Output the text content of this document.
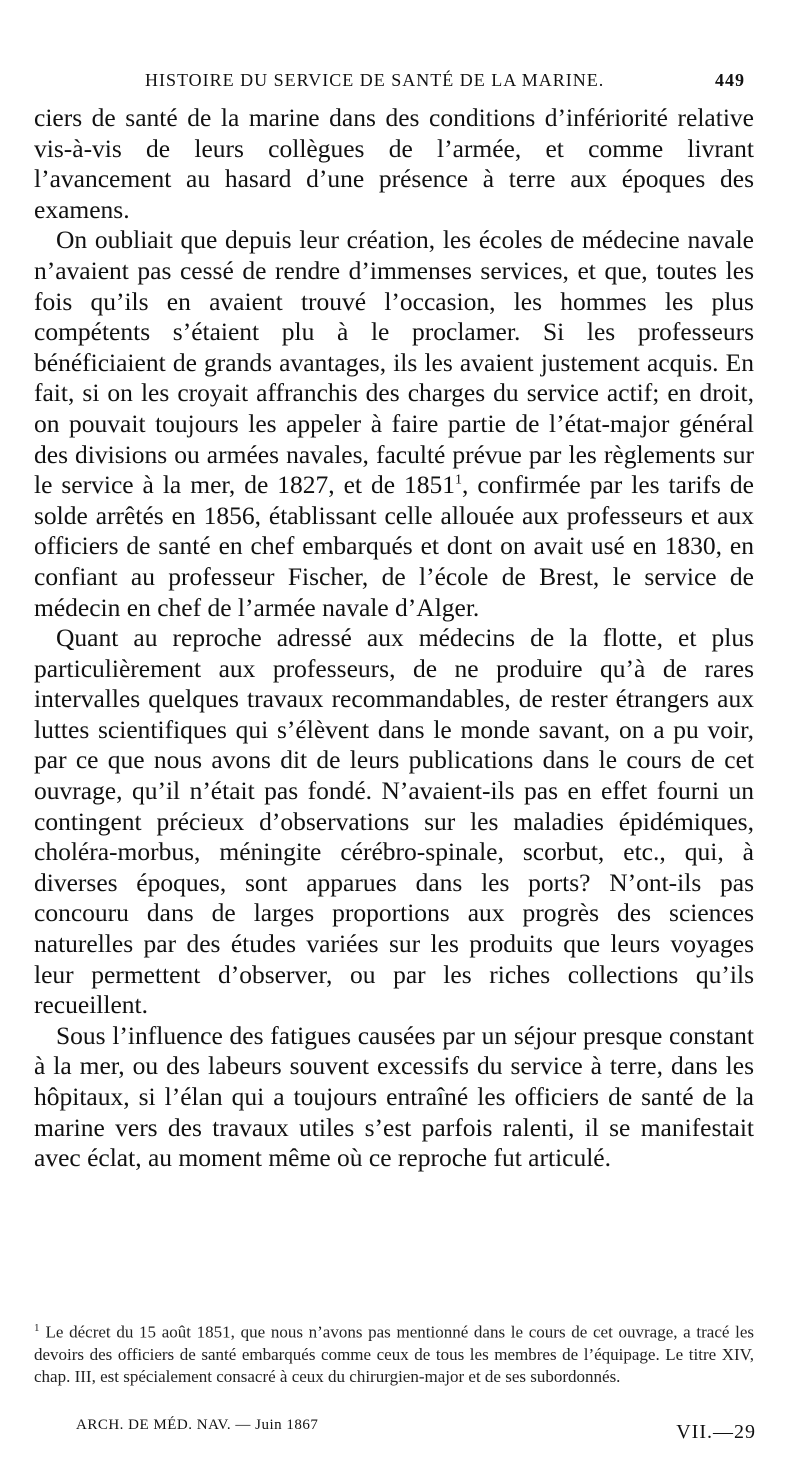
HISTOIRE DU SERVICE DE SANTÉ DE LA MARINE.	449

ciers de santé de la marine dans des conditions d’infériorité relative vis-à-vis de leurs collègues de l’armée, et comme livrant l’avancement au hasard d’une présence à terre aux époques des examens.

On oubliait que depuis leur création, les écoles de médecine navale n’avaient pas cessé de rendre d’immenses services, et que, toutes les fois qu’ils en avaient trouvé l’occasion, les hommes les plus compétents s’étaient plu à le proclamer. Si les professeurs bénéficiaient de grands avantages, ils les avaient justement acquis. En fait, si on les croyait affranchis des charges du service actif; en droit, on pouvait toujours les appeler à faire partie de l’état-major général des divisions ou armées navales, faculté prévue par les règlements sur le service à la mer, de 1827, et de 1851$^1$, confirmée par les tarifs de solde arrêtés en 1856, établissant celle allouée aux professeurs et aux officiers de santé en chef embarqués et dont on avait usé en 1830, en confiant au professeur Fischer, de l’école de Brest, le service de médecin en chef de l’armée navale d’Alger.

Quant au reproche adressé aux médecins de la flotte, et plus particulièrement aux professeurs, de ne produire qu’à de rares intervalles quelques travaux recommandables, de rester étrangers aux luttes scientifiques qui s’élèvent dans le monde savant, on a pu voir, par ce que nous avons dit de leurs publications dans le cours de cet ouvrage, qu’il n’était pas fondé. N’avaient-ils pas en effet fourni un contingent précieux d’observations sur les maladies épidémiques, choléra-morbus, méningite cérébro-spinale, scorbut, etc., qui, à diverses époques, sont apparues dans les ports? N’ont-ils pas concouru dans de larges proportions aux progrès des sciences naturelles par des études variées sur les produits que leurs voyages leur permettent d’observer, ou par les riches collections qu’ils recueillent.

Sous l’influence des fatigues causées par un séjour presque constant à la mer, ou des labeurs souvent excessifs du service à terre, dans les hôpitaux, si l’élan qui a toujours entraîné les officiers de santé de la marine vers des travaux utiles s’est parfois ralenti, il se manifestait avec éclat, au moment même où ce reproche fut articulé.

$^1$ Le décret du 15 août 1851, que nous n’avons pas mentionné dans le cours de cet ouvrage, a tracé les devoirs des officiers de santé embarqués comme ceux de tous les membres de l’équipage. Le titre XIV, chap. III, est spécialement consacré à ceux du chirurgien-major et de ses subordonnés.
ARCH. DE MÉD. NAV. — Juin 1867	VII.—29
